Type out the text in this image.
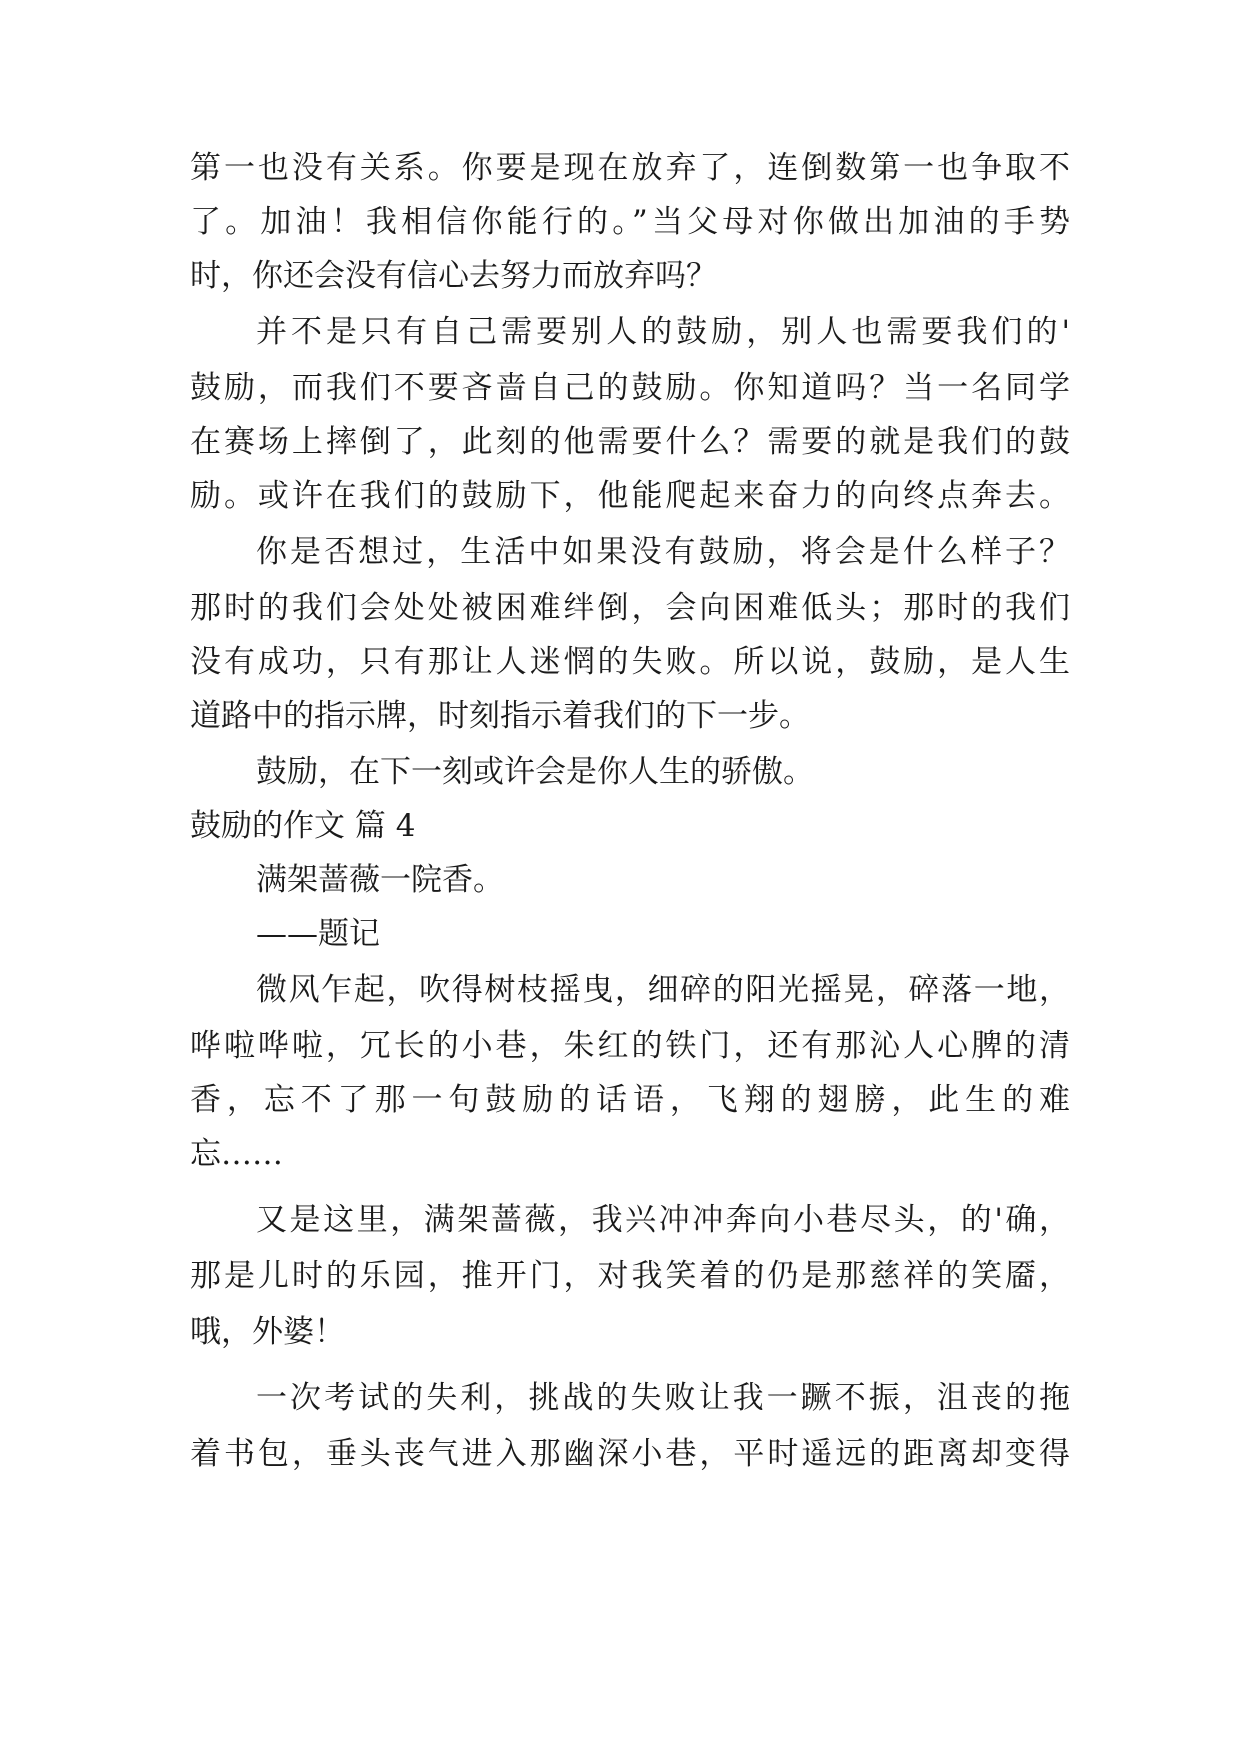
第一也没有关系。你要是现在放弃了，连倒数第一也争取不

了。加油！我相信你能行的。”当父母对你做出加油的手势

时，你还会没有信心去努力而放弃吗？

并不是只有自己需要别人的鼓励，别人也需要我们的'

鼓励，而我们不要吝啬自己的鼓励。你知道吗？当一名同学

在赛场上摔倒了，此刻的他需要什么？需要的就是我们的鼓

励。或许在我们的鼓励下，他能爬起来奋力的向终点奔去。

你是否想过，生活中如果没有鼓励，将会是什么样子？

那时的我们会处处被困难绊倒，会向困难低头；那时的我们

没有成功，只有那让人迷惘的失败。所以说，鼓励，是人生

道路中的指示牌，时刻指示着我们的下一步。

鼓励，在下一刻或许会是你人生的骄傲。

鼓励的作文 篇 4

满架蔷薇一院香。

——题记

微风乍起，吹得树枝摇曳，细碎的阳光摇晃，碎落一地，

哗啦哗啦，冗长的小巷，朱红的铁门，还有那沁人心脾的清

香，忘不了那一句鼓励的话语，飞翔的翅膀，此生的难

忘……

又是这里，满架蔷薇，我兴冲冲奔向小巷尽头，的'确，

那是儿时的乐园，推开门，对我笑着的仍是那慈祥的笑靥，

哦，外婆！

一次考试的失利，挑战的失败让我一蹶不振，沮丧的拖

着书包，垂头丧气进入那幽深小巷，平时遥远的距离却变得
